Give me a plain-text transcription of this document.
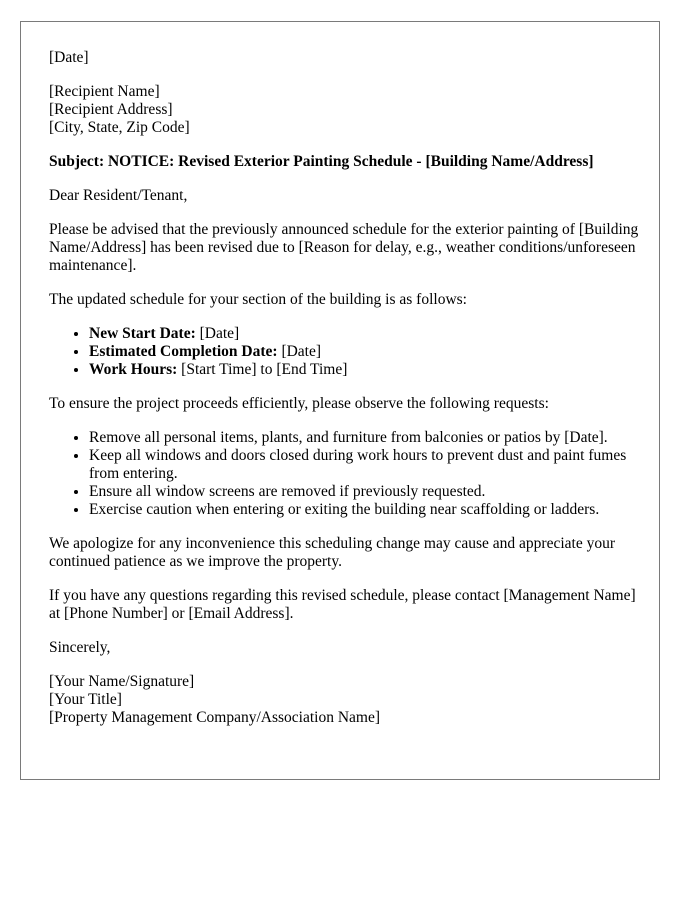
[Date]

[Recipient Name]
[Recipient Address]
[City, State, Zip Code]

Subject: NOTICE: Revised Exterior Painting Schedule - [Building Name/Address]

Dear Resident/Tenant,

Please be advised that the previously announced schedule for the exterior painting of [Building Name/Address] has been revised due to [Reason for delay, e.g., weather conditions/unforeseen maintenance].

The updated schedule for your section of the building is as follows:

• New Start Date: [Date]
• Estimated Completion Date: [Date]
• Work Hours: [Start Time] to [End Time]

To ensure the project proceeds efficiently, please observe the following requests:

• Remove all personal items, plants, and furniture from balconies or patios by [Date].
• Keep all windows and doors closed during work hours to prevent dust and paint fumes from entering.
• Ensure all window screens are removed if previously requested.
• Exercise caution when entering or exiting the building near scaffolding or ladders.

We apologize for any inconvenience this scheduling change may cause and appreciate your continued patience as we improve the property.

If you have any questions regarding this revised schedule, please contact [Management Name] at [Phone Number] or [Email Address].

Sincerely,

[Your Name/Signature]
[Your Title]
[Property Management Company/Association Name]
